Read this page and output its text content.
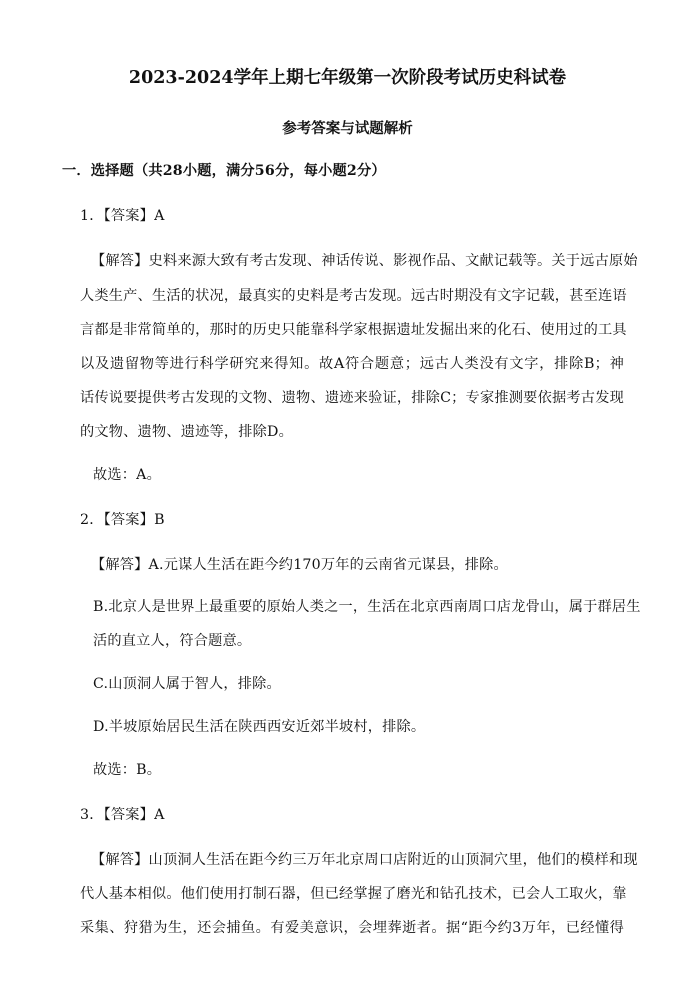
2023-2024学年上期七年级第一次阶段考试历史科试卷
参考答案与试题解析
一．选择题（共28小题，满分56分，每小题2分）
1．【答案】A
【解答】史料来源大致有考古发现、神话传说、影视作品、文献记载等。关于远古原始
人类生产、生活的状况，最真实的史料是考古发现。远古时期没有文字记载，甚至连语
言都是非常简单的，那时的历史只能靠科学家根据遗址发掘出来的化石、使用过的工具
以及遗留物等进行科学研究来得知。故A符合题意；远古人类没有文字，排除B；神
话传说要提供考古发现的文物、遗物、遗迹来验证，排除C；专家推测要依据考古发现
的文物、遗物、遗迹等，排除D。
故选：A。
2．【答案】B
【解答】A.元谋人生活在距今约170万年的云南省元谋县，排除。
B.北京人是世界上最重要的原始人类之一，生活在北京西南周口店龙骨山，属于群居生
活的直立人，符合题意。
C.山顶洞人属于智人，排除。
D.半坡原始居民生活在陕西西安近郊半坡村，排除。
故选：B。
3．【答案】A
【解答】山顶洞人生活在距今约三万年北京周口店附近的山顶洞穴里，他们的模样和现
代人基本相似。他们使用打制石器，但已经掌握了磨光和钻孔技术，已会人工取火，靠
采集、狩猎为生，还会捕鱼。有爱美意识，会埋葬逝者。据“距今约3万年，已经懂得
